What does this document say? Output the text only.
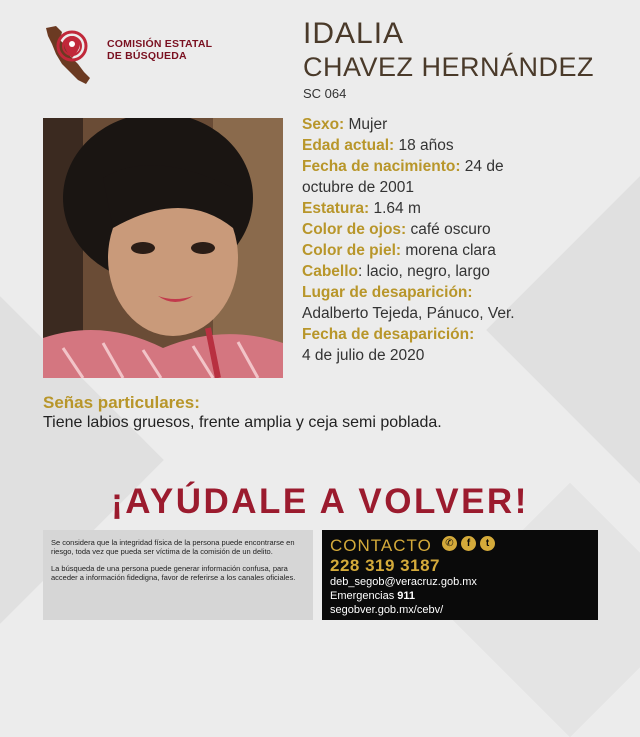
COMISIÓN ESTATAL
DE BÚSQUEDA
IDALIA
CHAVEZ HERNÁNDEZ
SC 064
Sexo: Mujer
Edad actual: 18 años
Fecha de nacimiento: 24 de
octubre de 2001
Estatura: 1.64 m
Color de ojos: café oscuro
Color de piel: morena clara
Cabello: lacio, negro, largo
Lugar de desaparición:
Adalberto Tejeda, Pánuco, Ver.
Fecha de desaparición:
4 de julio de 2020
Señas particulares:
Tiene labios gruesos, frente amplia y ceja semi poblada.
¡AYÚDALE A VOLVER!

Se considera que la integridad física de la persona puede encontrarse en riesgo, toda vez que pueda ser víctima de la comisión de un delito.

La búsqueda de una persona puede generar información confusa, para acceder a información fidedigna, favor de referirse a los canales oficiales.

CONTACTO	✆	f	t
228 319 3187
deb_segob@veracruz.gob.mx
Emergencias 911
segobver.gob.mx/cebv/
